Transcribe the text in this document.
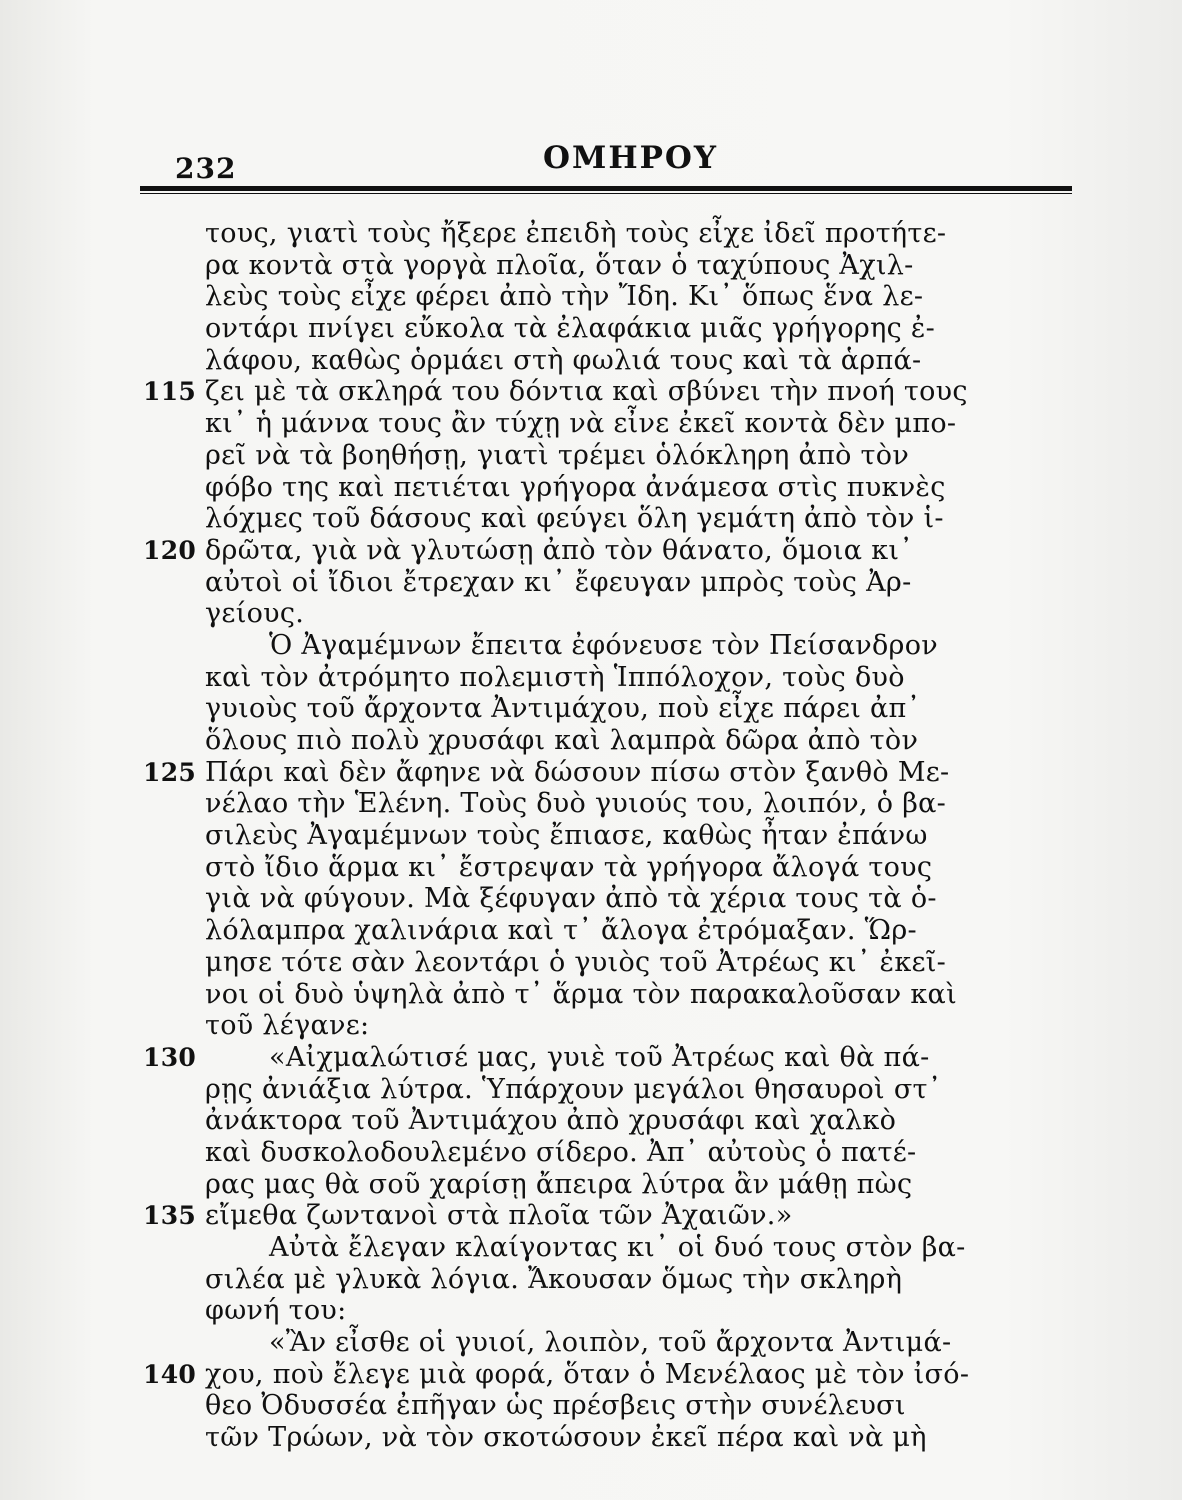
232	ΟΜΗΡΟΥ
τους, γιατὶ τοὺς ἤξερε ἐπειδὴ τοὺς εἶχε ἰδεῖ προτήτε-
ρα κοντὰ στὰ γοργὰ πλοῖα, ὅταν ὁ ταχύπους Ἀχιλ-
λεὺς τοὺς εἶχε φέρει ἀπὸ τὴν Ἴδη. Κι᾿ ὅπως ἕνα λε-
οντάρι πνίγει εὔκολα τὰ ἐλαφάκια μιᾶς γρήγορης ἐ-
λάφου, καθὼς ὁρμάει στὴ φωλιά τους καὶ τὰ ἁρπά-
115 ζει μὲ τὰ σκληρά του δόντια καὶ σβύνει τὴν πνοή τους
κι᾿ ἡ μάννα τους ἂν τύχῃ νὰ εἶνε ἐκεῖ κοντὰ δὲν μπο-
ρεῖ νὰ τὰ βοηθήσῃ, γιατὶ τρέμει ὁλόκληρη ἀπὸ τὸν
φόβο της καὶ πετιέται γρήγορα ἀνάμεσα στὶς πυκνὲς
λόχμες τοῦ δάσους καὶ φεύγει ὅλη γεμάτη ἀπὸ τὸν ἱ-
120 δρῶτα, γιὰ νὰ γλυτώσῃ ἀπὸ τὸν θάνατο, ὅμοια κι᾿
αὐτοὶ οἱ ἴδιοι ἔτρεχαν κι᾿ ἔφευγαν μπρὸς τοὺς Ἀρ-
γείους.
Ὁ Ἀγαμέμνων ἔπειτα ἐφόνευσε τὸν Πείσανδρον
καὶ τὸν ἀτρόμητο πολεμιστὴ Ἱππόλοχον, τοὺς δυὸ
γυιοὺς τοῦ ἄρχοντα Ἀντιμάχου, ποὺ εἶχε πάρει ἀπ᾿
ὅλους πιὸ πολὺ χρυσάφι καὶ λαμπρὰ δῶρα ἀπὸ τὸν
125 Πάρι καὶ δὲν ἄφηνε νὰ δώσουν πίσω στὸν ξανθὸ Με-
νέλαο τὴν Ἑλένη. Τοὺς δυὸ γυιούς του, λοιπόν, ὁ βα-
σιλεὺς Ἀγαμέμνων τοὺς ἔπιασε, καθὼς ἦταν ἐπάνω
στὸ ἴδιο ἅρμα κι᾿ ἔστρεψαν τὰ γρήγορα ἄλογά τους
γιὰ νὰ φύγουν. Μὰ ξέφυγαν ἀπὸ τὰ χέρια τους τὰ ὁ-
λόλαμπρα χαλινάρια καὶ τ᾿ ἄλογα ἐτρόμαξαν. Ὥρ-
μησε τότε σὰν λεοντάρι ὁ γυιὸς τοῦ Ἀτρέως κι᾿ ἐκεῖ-
νοι οἱ δυὸ ὑψηλὰ ἀπὸ τ᾿ ἅρμα τὸν παρακαλοῦσαν καὶ
τοῦ λέγανε:
130	«Αἰχμαλώτισέ μας, γυιὲ τοῦ Ἀτρέως καὶ θὰ πά-
ρῃς ἀνιάξια λύτρα. Ὑπάρχουν μεγάλοι θησαυροὶ στ᾿
ἀνάκτορα τοῦ Ἀντιμάχου ἀπὸ χρυσάφι καὶ χαλκὸ
καὶ δυσκολοδουλεμένο σίδερο. Ἀπ᾿ αὐτοὺς ὁ πατέ-
ρας μας θὰ σοῦ χαρίσῃ ἄπειρα λύτρα ἂν μάθῃ πὼς
135 εἴμεθα ζωντανοὶ στὰ πλοῖα τῶν Ἀχαιῶν.»
Αὐτὰ ἔλεγαν κλαίγοντας κι᾿ οἱ δυό τους στὸν βα-
σιλέα μὲ γλυκὰ λόγια. Ἄκουσαν ὅμως τὴν σκληρὴ
φωνή του:
«Ἂν εἶσθε οἱ γυιοί, λοιπὸν, τοῦ ἄρχοντα Ἀντιμά-
140 χου, ποὺ ἔλεγε μιὰ φορά, ὅταν ὁ Μενέλαος μὲ τὸν ἰσό-
θεο Ὀδυσσέα ἐπῆγαν ὡς πρέσβεις στὴν συνέλευσι
τῶν Τρώων, νὰ τὸν σκοτώσουν ἐκεῖ πέρα καὶ νὰ μὴ
